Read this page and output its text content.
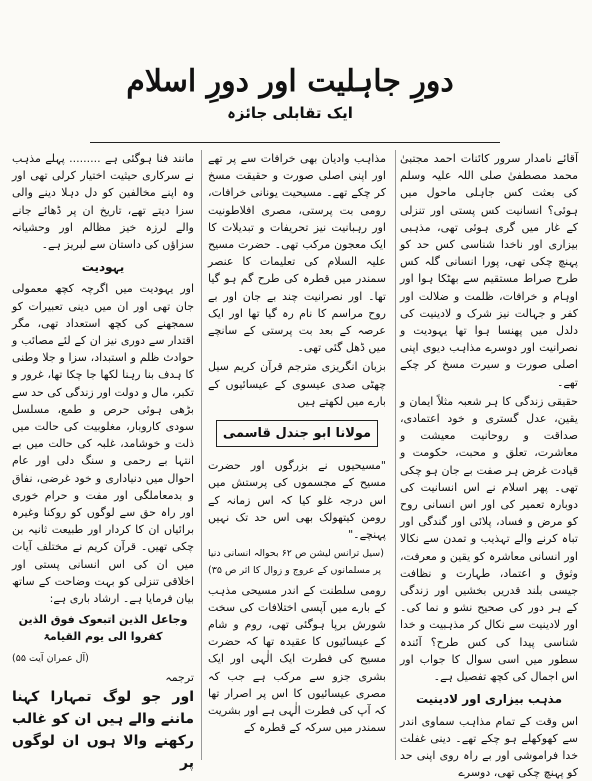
دورِ جاہلیت اور دورِ اسلام
ایک تقابلی جائزہ

آقائے نامدار سرور کائنات احمد مجتبیٰ محمد مصطفیٰ صلی اللہ علیہ وسلم کی بعثت کس جاہلی ماحول میں ہوئی؟ انسانیت کس پستی اور تنزلی کے غار میں گری ہوئی تھی، مذہبی بیزاری اور ناخدا شناسی کس حد کو پہنچ چکی تھی، پورا انسانی گلہ کس طرح صراط مستقیم سے بھٹکا ہوا اور اوہام و خرافات، ظلمت و ضلالت اور کفر و جہالت نیز شرک و لادینیت کی دلدل میں پھنسا ہوا تھا یہودیت و نصرانیت اور دوسرے مذاہب دیوی اپنی اصلی صورت و سیرت مسخ کر چکے تھے۔

حقیقی زندگی کا ہر شعبہ مثلاً ایمان و یقین، عدل گستری و خود اعتمادی، صداقت و روحانیت معیشت و معاشرت، تعلق و محبت، حکومت و قیادت غرض ہر صفت بے جان ہو چکی تھی۔ پھر اسلام نے اس انسانیت کی دوبارہ تعمیر کی اور اس انسانی روح کو مرض و فساد، پلائی اور گندگی اور تباہ کرنے والے تہذیب و تمدن سے نکالا اور انسانی معاشرہ کو یقین و معرفت، وثوق و اعتماد، طہارت و نظافت جیسی بلند قدریں بخشیں اور زندگی کے ہر دور کی صحیح نشو و نما کی۔ اور لادینیت سے نکال کر مذہبیت و خدا شناسی پیدا کی کس طرح؟ آئندہ سطور میں اسی سوال کا جواب اور اس اجمال کی کچھ تفصیل ہے۔

مذہب بیزاری اور لادینیت

اس وقت کے تمام مذاہب سماوی اندر سے کھوکھلے ہو چکے تھے۔ دینی غفلت خدا فراموشی اور بے راہ روی اپنی حد کو پہنچ چکی تھی، دوسرے

مذاہب وادیان بھی خرافات سے پر تھے اور اپنی اصلی صورت و حقیقت مسخ کر چکے تھے۔ مسیحیت یونانی خرافات، رومی بت پرستی، مصری افلاطونیت اور رہبانیت نیز تحریفات و تبدیلات کا ایک معجون مرکب تھی۔ حضرت مسیح علیہ السلام کی تعلیمات کا عنصر سمندر میں قطرہ کی طرح گم ہو گیا تھا۔ اور نصرانیت چند بے جان اور بے روح مراسم کا نام رہ گیا تھا اور ایک عرصہ کے بعد بت پرستی کے سانچے میں ڈھل گئی تھی۔

بزبان انگریزی مترجم قرآن کریم سیل چھٹی صدی عیسوی کے عیسائیوں کے بارے میں لکھتے ہیں

مولانا ابو جندل قاسمی

"مسیحیوں نے بزرگوں اور حضرت مسیح کے مجسموں کی پرستش میں اس درجہ غلو کیا کہ اس زمانہ کے رومن کیتھولک بھی اس حد تک نہیں پہنچے۔"

(سیل ترانس لیشن ص ۶۲ بحوالہ انسانی دنیا پر مسلمانوں کے عروج و زوال کا اثر ص ۳۵)

رومی سلطنت کے اندر مسیحی مذہب کے بارے میں آپسی اختلافات کی سخت شورش برپا ہوگئی تھی، روم و شام کے عیسائیوں کا عقیدہ تھا کہ حضرت مسیح کی فطرت ایک الٰہی اور ایک بشری جزو سے مرکب ہے جب کہ مصری عیسائیوں کا اس پر اصرار تھا کہ آپ کی فطرت الٰہی ہے اور بشریت سمندر میں سرکہ کے قطرہ کے

مانند فنا ہوگئی ہے ......... پہلے مذہب نے سرکاری حیثیت اختیار کرلی تھی اور وہ اپنے مخالفین کو دل دہلا دینے والی سزا دیتے تھے، تاریخ ان پر ڈھائے جانے والے لرزہ خیز مظالم اور وحشیانہ سزاؤں کی داستان سے لبریز ہے۔

یہودیت

اور یہودیت میں اگرچہ کچھ معمولی جان تھی اور ان میں دینی تعبیرات کو سمجھنے کی کچھ استعداد تھی، مگر اقتدار سے دوری نیز ان کے لئے مصائب و حوادث ظلم و استبداد، سزا و جلا وطنی کا ہدف بنا رہنا لکھا جا چکا تھا، غرور و تکبر، مال و دولت اور زندگی کی حد سے بڑھی ہوئی حرص و طمع، مسلسل سودی کاروبار، مغلوبیت کی حالت میں ذلت و خوشامد، غلبہ کی حالت میں بے انتہا بے رحمی و سنگ دلی اور عام احوال میں دنیاداری و خود غرضی، نفاق و بدمعاملگی اور مفت و حرام خوری اور راہ حق سے لوگوں کو روکنا وغیرہ برائیاں ان کا کردار اور طبیعت ثانیہ بن چکی تھیں۔ قرآن کریم نے مختلف آیات میں ان کی اس انسانی پستی اور اخلاقی تنزلی کو بہت وضاحت کے ساتھ بیان فرمایا ہے۔ ارشاد باری ہے:

وجاعل الذین اتبعوک فوق الذین کفروا الی یوم القیامۃ
(آل عمران آیت ۵۵)
ترجمہ

اور جو لوگ تمہارا کہنا ماننے والے ہیں ان کو غالب رکھنے والا ہوں ان لوگوں پر
